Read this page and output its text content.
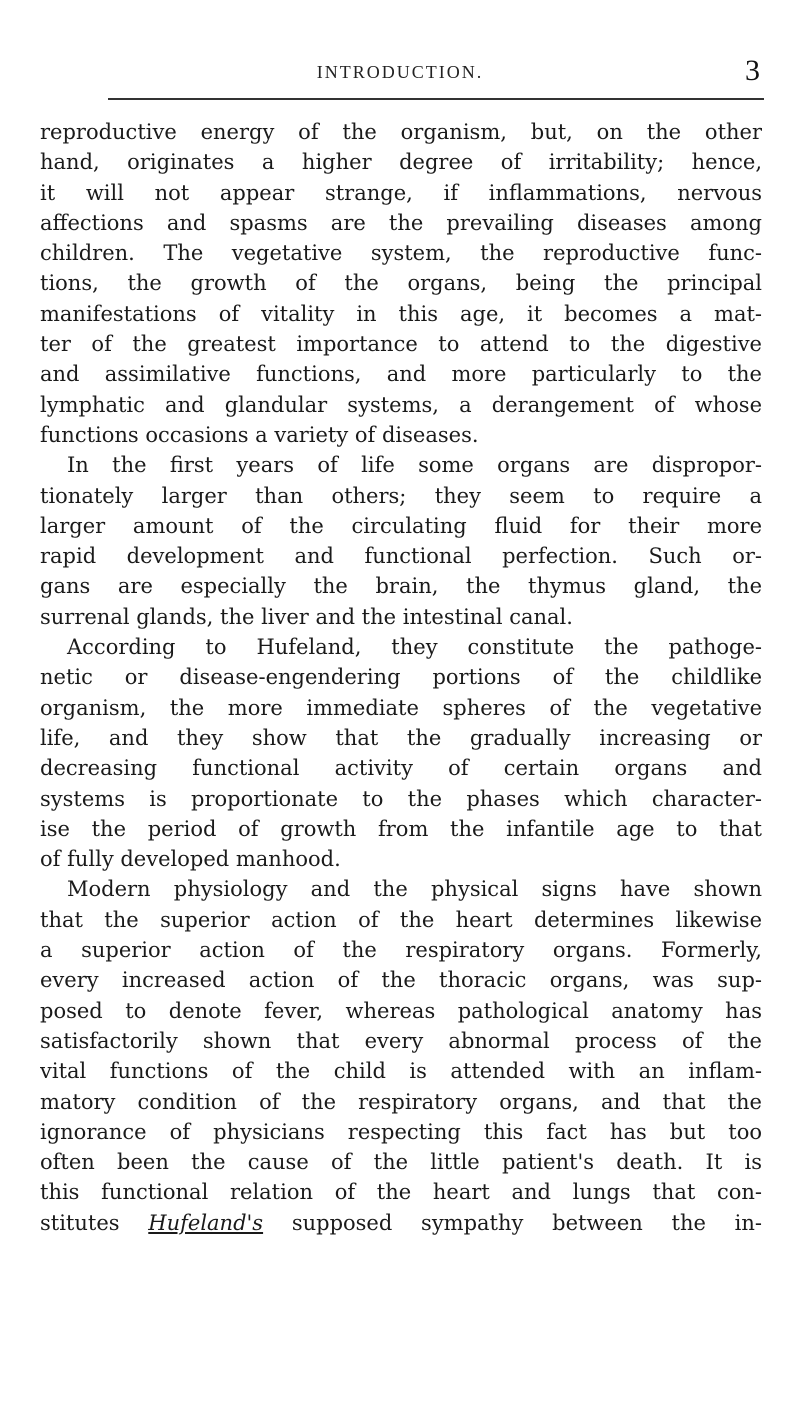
INTRODUCTION.	3
reproductive energy of the organism, but, on the other
hand, originates a higher degree of irritability; hence,
it will not appear strange, if inflammations, nervous
affections and spasms are the prevailing diseases among
children. The vegetative system, the reproductive func-
tions, the growth of the organs, being the principal
manifestations of vitality in this age, it becomes a mat-
ter of the greatest importance to attend to the digestive
and assimilative functions, and more particularly to the
lymphatic and glandular systems, a derangement of whose
functions occasions a variety of diseases.
In the first years of life some organs are dispropor-
tionately larger than others; they seem to require a
larger amount of the circulating fluid for their more
rapid development and functional perfection. Such or-
gans are especially the brain, the thymus gland, the
surrenal glands, the liver and the intestinal canal.
According to Hufeland, they constitute the pathoge-
netic or disease-engendering portions of the childlike
organism, the more immediate spheres of the vegetative
life, and they show that the gradually increasing or
decreasing functional activity of certain organs and
systems is proportionate to the phases which character-
ise the period of growth from the infantile age to that
of fully developed manhood.
Modern physiology and the physical signs have shown
that the superior action of the heart determines likewise
a superior action of the respiratory organs. Formerly,
every increased action of the thoracic organs, was sup-
posed to denote fever, whereas pathological anatomy has
satisfactorily shown that every abnormal process of the
vital functions of the child is attended with an inflam-
matory condition of the respiratory organs, and that the
ignorance of physicians respecting this fact has but too
often been the cause of the little patient's death. It is
this functional relation of the heart and lungs that con-
stitutes Hufeland's supposed sympathy between the in-
